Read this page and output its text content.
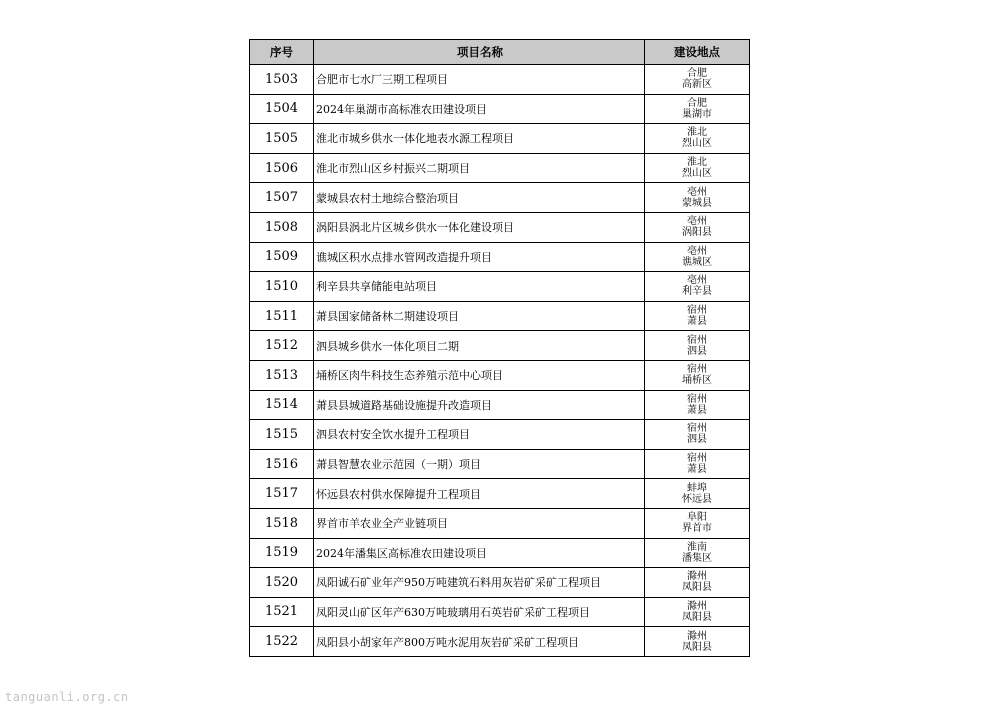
序号	项目名称	建设地点
1503	合肥市七水厂三期工程项目	合肥
高新区

1504	2024年巢湖市高标准农田建设项目	合肥
巢湖市

1505	淮北市城乡供水一体化地表水源工程项目	淮北
烈山区

1506	淮北市烈山区乡村振兴二期项目	淮北
烈山区

1507	蒙城县农村土地综合整治项目	亳州
蒙城县

1508	涡阳县涡北片区城乡供水一体化建设项目	亳州
涡阳县

1509	谯城区积水点排水管网改造提升项目	亳州
谯城区

1510	利辛县共享储能电站项目	亳州
利辛县

1511	萧县国家储备林二期建设项目	宿州
萧县

1512	泗县城乡供水一体化项目二期	宿州
泗县

1513	埇桥区肉牛科技生态养殖示范中心项目	宿州
埇桥区

1514	萧县县城道路基础设施提升改造项目	宿州
萧县

1515	泗县农村安全饮水提升工程项目	宿州
泗县

1516	萧县智慧农业示范园（一期）项目	宿州
萧县

1517	怀远县农村供水保障提升工程项目	蚌埠
怀远县

1518	界首市羊农业全产业链项目	阜阳
界首市

1519	2024年潘集区高标准农田建设项目	淮南
潘集区

1520	凤阳诚石矿业年产950万吨建筑石料用灰岩矿采矿工程项目	滁州
凤阳县

1521	凤阳灵山矿区年产630万吨玻璃用石英岩矿采矿工程项目	滁州
凤阳县

1522	凤阳县小胡家年产800万吨水泥用灰岩矿采矿工程项目	滁州
凤阳县
tanguanli.org.cn
